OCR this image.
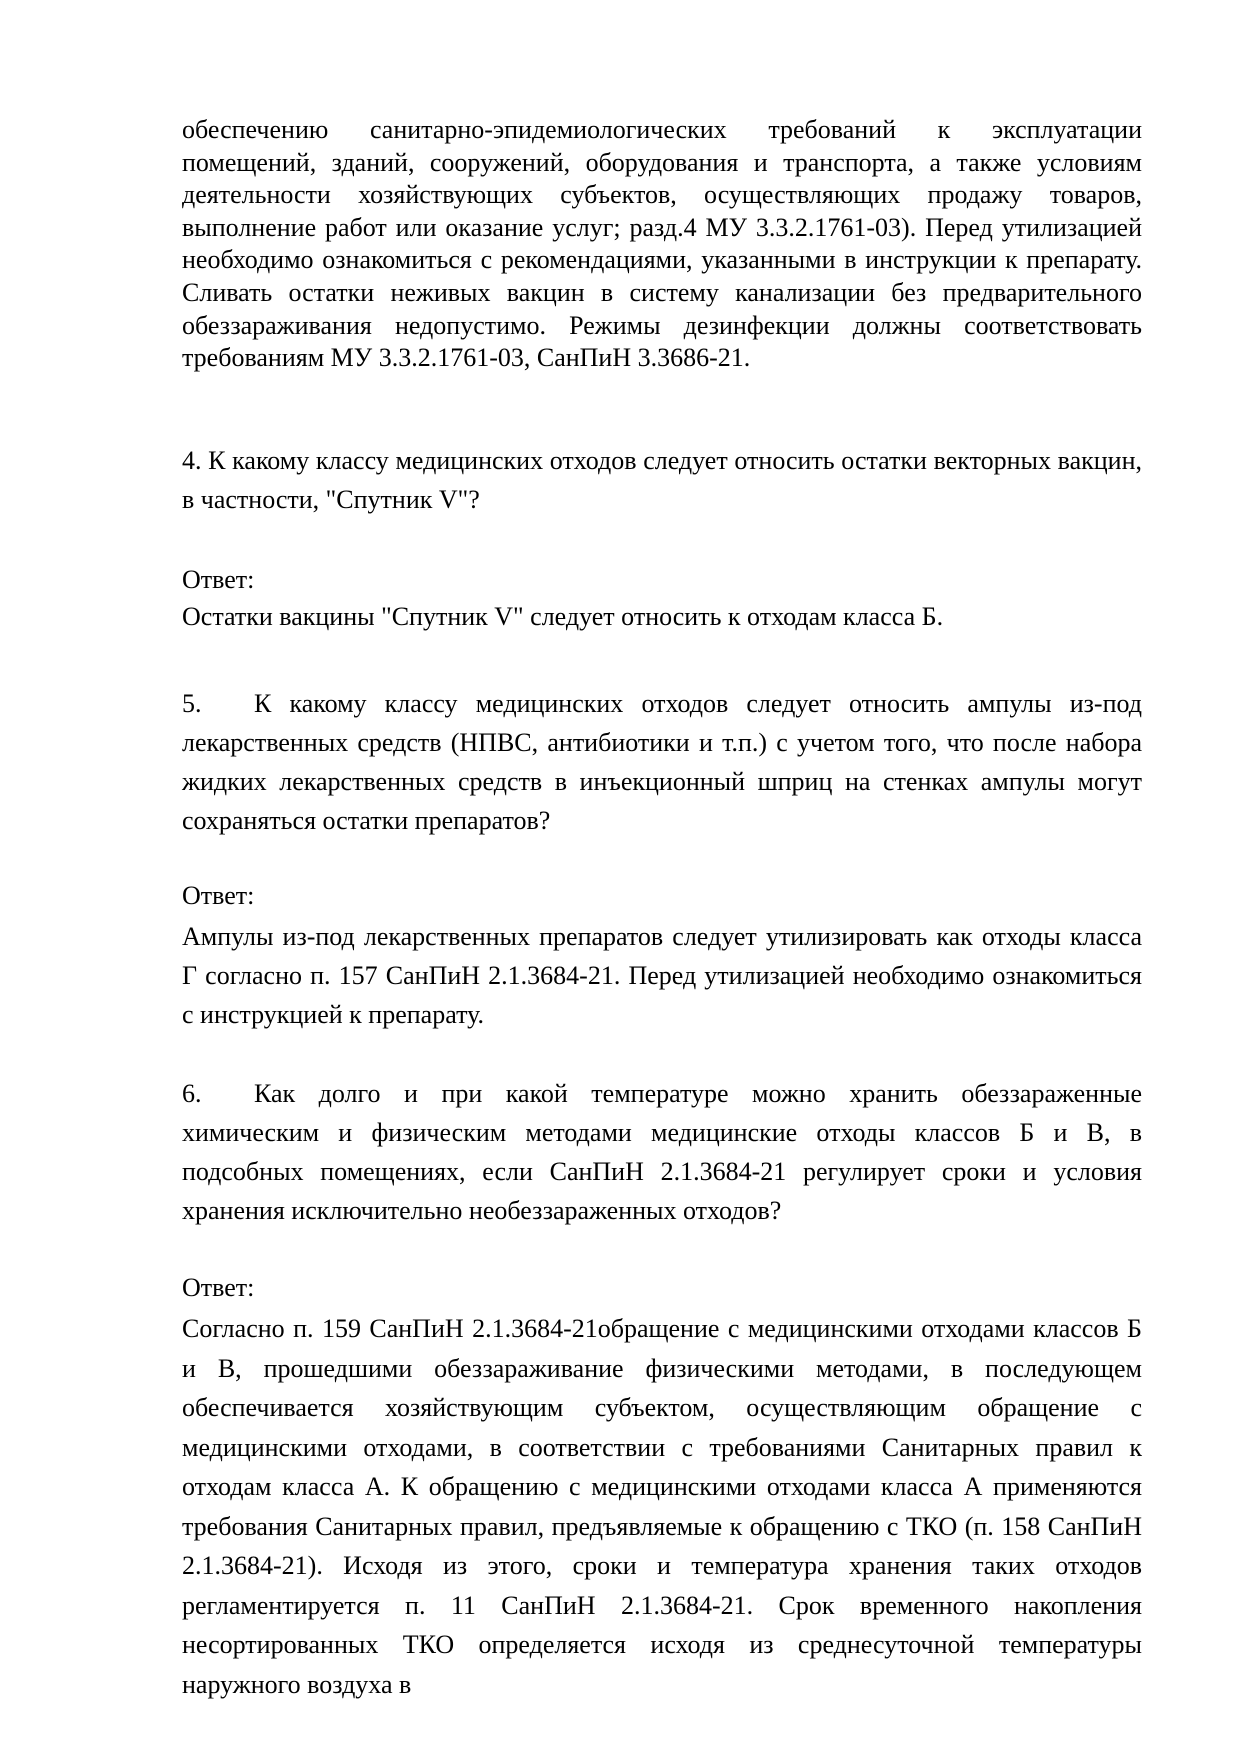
обеспечению санитарно-эпидемиологических требований к эксплуатации помещений, зданий, сооружений, оборудования и транспорта, а также условиям деятельности хозяйствующих субъектов, осуществляющих продажу товаров, выполнение работ или оказание услуг; разд.4 МУ 3.3.2.1761-03). Перед утилизацией необходимо ознакомиться с рекомендациями, указанными в инструкции к препарату. Сливать остатки неживых вакцин в систему канализации без предварительного обеззараживания недопустимо. Режимы дезинфекции должны соответствовать требованиям МУ 3.3.2.1761-03, СанПиН 3.3686-21.
4. К какому классу медицинских отходов следует относить остатки векторных вакцин, в частности, "Спутник V"?
Ответ:
Остатки вакцины "Спутник V" следует относить к отходам класса Б.
5. К какому классу медицинских отходов следует относить ампулы из-под лекарственных средств (НПВС, антибиотики и т.п.) с учетом того, что после набора жидких лекарственных средств в инъекционный шприц на стенках ампулы могут сохраняться остатки препаратов?
Ответ:
Ампулы из-под лекарственных препаратов следует утилизировать как отходы класса Г согласно п. 157 СанПиН 2.1.3684-21. Перед утилизацией необходимо ознакомиться с инструкцией к препарату.
6. Как долго и при какой температуре можно хранить обеззараженные химическим и физическим методами медицинские отходы классов Б и В, в подсобных помещениях, если СанПиН 2.1.3684-21 регулирует сроки и условия хранения исключительно необеззараженных отходов?
Ответ:
Согласно п. 159 СанПиН 2.1.3684-21обращение с медицинскими отходами классов Б и В, прошедшими обеззараживание физическими методами, в последующем обеспечивается хозяйствующим субъектом, осуществляющим обращение с медицинскими отходами, в соответствии с требованиями Санитарных правил к отходам класса А. К обращению с медицинскими отходами класса А применяются требования Санитарных правил, предъявляемые к обращению с ТКО (п. 158 СанПиН 2.1.3684-21). Исходя из этого, сроки и температура хранения таких отходов регламентируется п. 11 СанПиН 2.1.3684-21. Срок временного накопления несортированных ТКО определяется исходя из среднесуточной температуры наружного воздуха в
